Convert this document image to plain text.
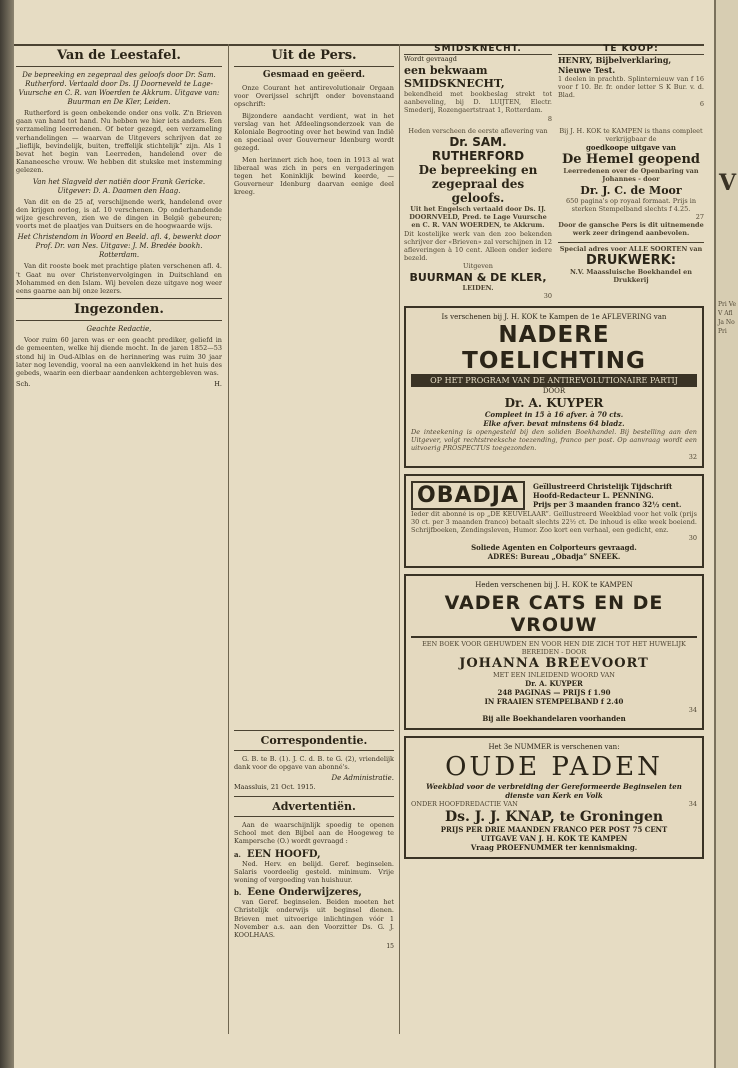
V
Pri Ve V Afl Ja No Pri
Van de Leestafel.

De bepreeking en zegepraal des geloofs door Dr. Sam. Rutherford. Vertaald door Ds. IJ Doorneveld te Lage-Vuursche en C. R. van Woerden te Akkrum. Uitgave van: Buurman en De Kler, Leiden.

Rutherford is geen onbekende onder ons volk. Z'n Brieven gaan van hand tot hand. Nu hebben we hier iets anders. Een verzameling leerredenen. Of beter gezegd, een verzameling verhandelingen — waarvan de Uitgevers schrijven dat ze „lieflijk, bevindelijk, buiten, treffelijk stichtelijk” zijn. Als 1 bevat het begin van Leerreden, handelend over de Kananeesche vrouw. We hebben dit stukske met instemming gelezen.

Van het Slagveld der natiën door Frank Gericke. Uitgever: D. A. Daamen den Haag.

Van dit en de 25 af, verschijnende werk, handelend over den krijgen oorlog, is af. 10 verschenen. Op onderhandende wijze geschreven, zien we de dingen in België gebeuren; voorts met de plaatjes van Duitsers en de hoogwaarde wijs.

Het Christendom in Woord en Beeld. afl. 4, bewerkt door Prof. Dr. van Nes. Uitgave: J. M. Bredée bookh. Rotterdam.

Van dit rooste boek met prachtige platen verschenen afl. 4. 't Gaat nu over Christenvervolgingen in Duitschland en Mohammed en den Islam. Wij bevelen deze uitgave nog weer eens gaarne aan bij onze lezers.

Ingezonden.

Geachte Redactie,

Voor ruim 60 jaren was er een geacht prediker, geliefd in de gemeenten, welke hij diende mocht. In de jaren 1852—53 stond hij in Oud-Alblas en de herinnering was ruim 30 jaar later nog levendig, vooral na een aanvlekkend in het huis des gebeds, waarin een dierbaar aandenken achtergebleven was.

Sch.	H.
Uit de Pers.
Gesmaad en geëerd.

Onze Courant het antirevolutionair Orgaan voor Overijssel schrijft onder bovenstaand opschrift:

Bijzondere aandacht verdient, wat in het verslag van het Afdeelingsonderzoek van de Koloniale Begrooting over het bewind van Indië en speciaal over Gouverneur Idenburg wordt gezegd.

Men herinnert zich hoe, toen in 1913 al wat liberaal was zich in pers en vergaderingen tegen het Koninklijk bewind keerde, — Gouverneur Idenburg daarvan eenige deel kreeg.

Correspondentie.

G. B. te B. (1). J. C. d. B. te G. (2), vriendelijk dank voor de opgave van abonné's.

De Administratie.
Maassluis, 21 Oct. 1915.
Advertentiën.

Aan de waarschijnlijk spoedig te openen School met den Bijbel aan de Hoogeweg te Kampersche (O.) wordt gevraagd :

a. EEN HOOFD,

Ned. Herv. en belijd. Geref. beginselen. Salaris voordeelig gesteld. minimum. Vrije woning of vergoeding van huishuur.

b. Eene Onderwijzeres,

van Geref. beginselen. Beiden moeten het Christelijk onderwijs uit beginsel dienen. Brieven met uitvoerige inlichtingen vóór 1 November a.s. aan den Voorzitter Ds. G. J. KOOLHAAS.

15
SMIDSKNECHT.
Wordt gevraagd
een bekwaam SMIDSKNECHT,

bekendheid met bookbeslag strekt tot aanbeveling, bij D. LUIJTEN, Electr. Smederij, Rozengaertstraat 1, Rotterdam.

8
TE KOOP:
HENRY, Bijbelverklaring, Nieuwe Test.

1 deelen in prachtb. Splinternieuw van f 16 voor f 10. Br. fr. onder letter S K Bur. v. d. Blad.

6
Heden verscheen de eerste aflevering van
Dr. SAM. RUTHERFORD
De bepreeking en zegepraal des geloofs.
Uit het Engelsch vertaald door Ds. IJ. DOORNVELD, Pred. te Lage Vuursche en C. R. VAN WOERDEN, te Akkrum.

Dit kostelijke werk van den zoo bekenden schrijver der «Brieven» zal verschijnen in 12 afleveringen à 10 cent. Alleen onder iedere bezeld.

Uitgeven
BUURMAN & DE KLER,
LEIDEN.
30
Bij J. H. KOK te KAMPEN is thans compleet verkrijgbaar de
goedkoope uitgave van
De Hemel geopend
Leerredenen over de Openbaring van Johannes - door
Dr. J. C. de Moor

650 pagina's op royaal formaat. Prijs in sterken Stempelband slechts f 4.25.

27
Door de gansche Pers is dit uitnemende werk zeer dringend aanbevolen.
Special adres voor ALLE SOORTEN van
DRUKWERK:
N.V. Maassluische Boekhandel en Drukkerij
Is verschenen bij J. H. KOK te Kampen de 1e AFLEVERING van
NADERE TOELICHTING
OP HET PROGRAM VAN DE ANTIREVOLUTIONAIRE PARTIJ
DOOR
Dr. A. KUYPER
Compleet in 15 à 16 afver. à 70 cts.
Elke afver. bevat minstens 64 bladz.

De inteekening is opengesteld bij den soliden Boekhandel. Bij bestelling aan den Uitgever, volgt rechtstreeksche toezending, franco per post. Op aanvraag wordt een uitvoerig PROSPECTUS toegezonden.

32
OBADJA	Geïllustreerd Christelijk Tijdschrift
Hoofd-Redacteur L. PENNING.
Prijs per 3 maanden franco 32½ cent.

Ieder dit abonné is op „DE KEUVELAAR”. Geïllustreerd Weekblad voor het volk (prijs 30 ct. per 3 maanden franco) betaalt slechts 22½ ct. De inhoud is elke week boeiend. Schrijfboeken, Zendingsleven, Humor. Zoo kort een verhaal, een gedicht, enz.

30
Soliede Agenten en Colporteurs gevraagd.
ADRES: Bureau „Obadja” SNEEK.
Heden verschenen bij J. H. KOK te KAMPEN
VADER CATS EN DE VROUW
EEN BOEK VOOR GEHUWDEN EN VOOR HEN DIE ZICH TOT HET HUWELIJK BEREIDEN - DOOR
JOHANNA BREEVOORT
MET EEN INLEIDEND WOORD VAN
Dr. A. KUYPER
248 PAGINAS — PRIJS f 1.90
IN FRAAIEN STEMPELBAND f 2.40
34
Bij alle Boekhandelaren voorhanden
Het 3e NUMMER is verschenen van:
OUDE PADEN
Weekblad voor de verbreiding der Gereformeerde Beginselen ten dienste van Kerk en Volk
ONDER HOOFDREDACTIE VAN	34
Ds. J. J. KNAP, te Groningen
PRIJS PER DRIE MAANDEN FRANCO PER POST 75 CENT
UITGAVE VAN J. H. KOK TE KAMPEN
Vraag PROEFNUMMER ter kennismaking.
